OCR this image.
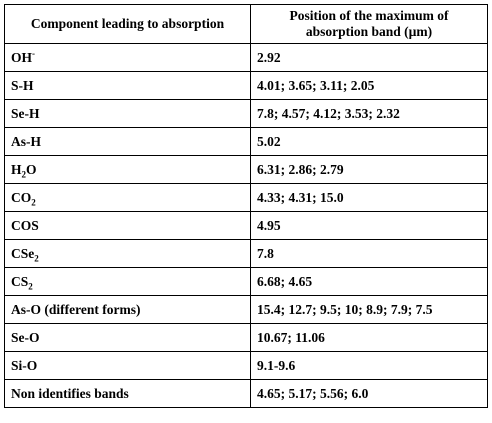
Component leading to absorption	Position of the maximum of absorption band (µm)
OH-	2.92
S-H	4.01; 3.65; 3.11; 2.05
Se-H	7.8; 4.57; 4.12; 3.53; 2.32
As-H	5.02
$H_2O$	6.31; 2.86; 2.79
$CO_2$	4.33; 4.31; 15.0
COS	4.95
CSe$_2$	7.8
$CS_2$	6.68; 4.65
As-O (different forms)	15.4; 12.7; 9.5; 10; 8.9; 7.9; 7.5
Se-O	10.67; 11.06
Si-O	9.1-9.6
Non identifies bands	4.65; 5.17; 5.56; 6.0
